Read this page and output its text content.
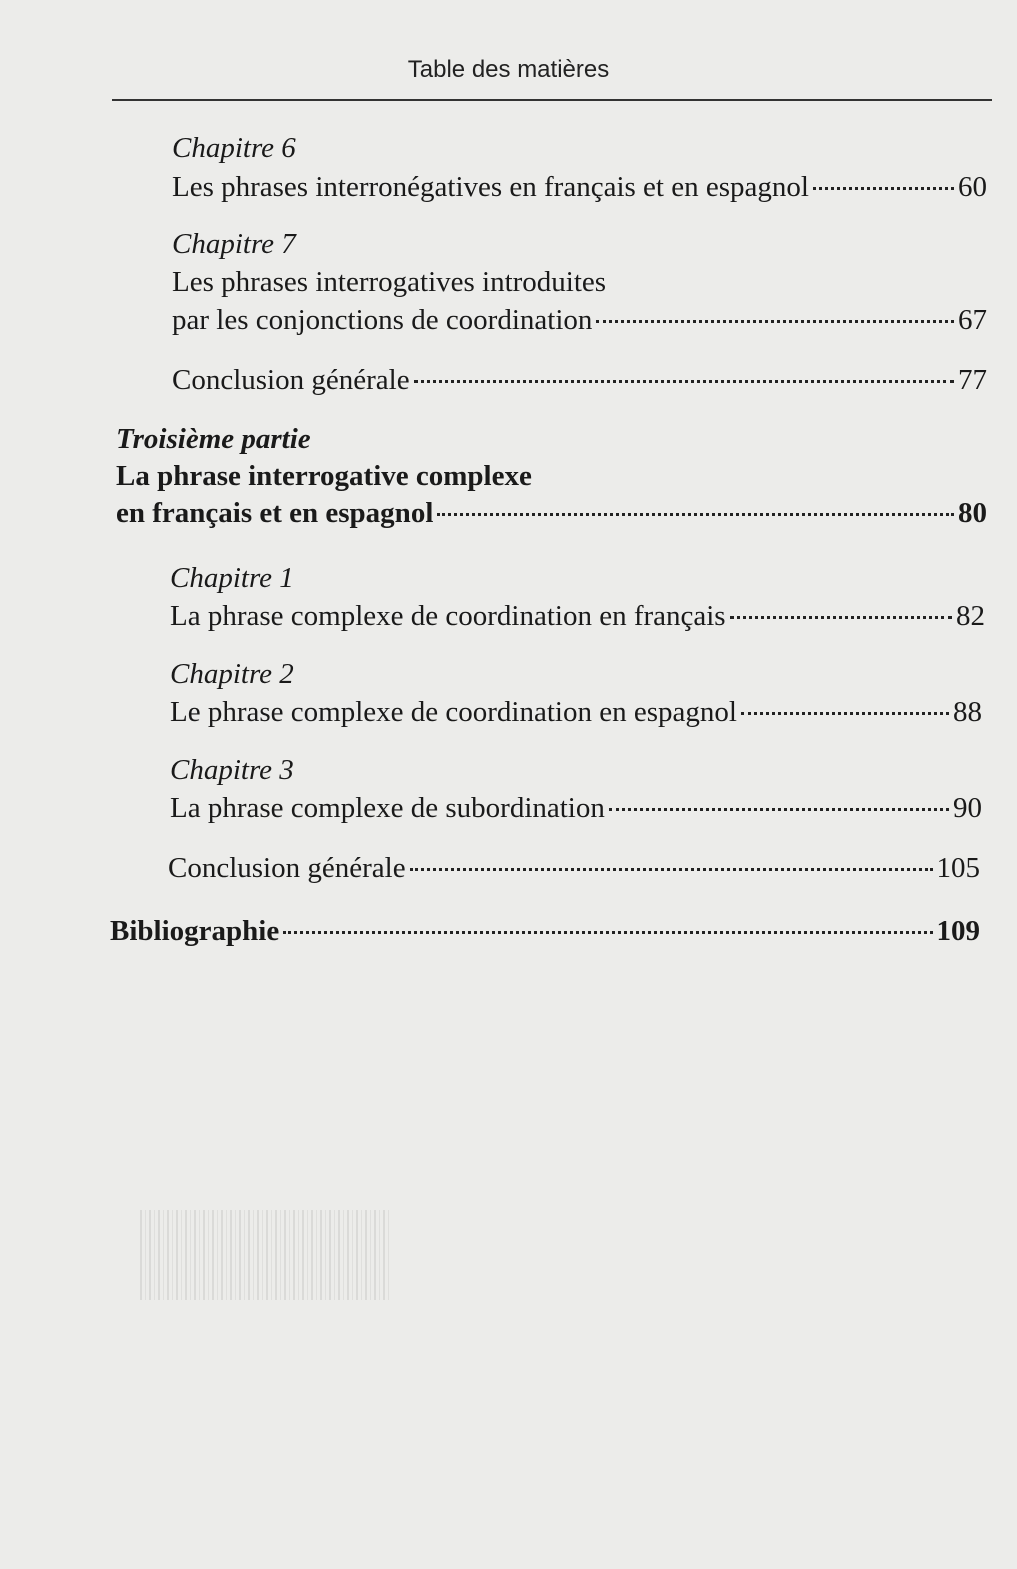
Table des matières
Chapitre 6
Les phrases interronégatives en français et en espagnol	60
Chapitre 7
Les phrases interrogatives introduites
par les conjonctions de coordination	67
Conclusion générale	77
Troisième partie
La phrase interrogative complexe
en français et en espagnol	80
Chapitre 1
La phrase complexe de coordination en français	82
Chapitre 2
Le phrase complexe de coordination en espagnol	88
Chapitre 3
La phrase complexe de subordination	90
Conclusion générale	105
Bibliographie	109
